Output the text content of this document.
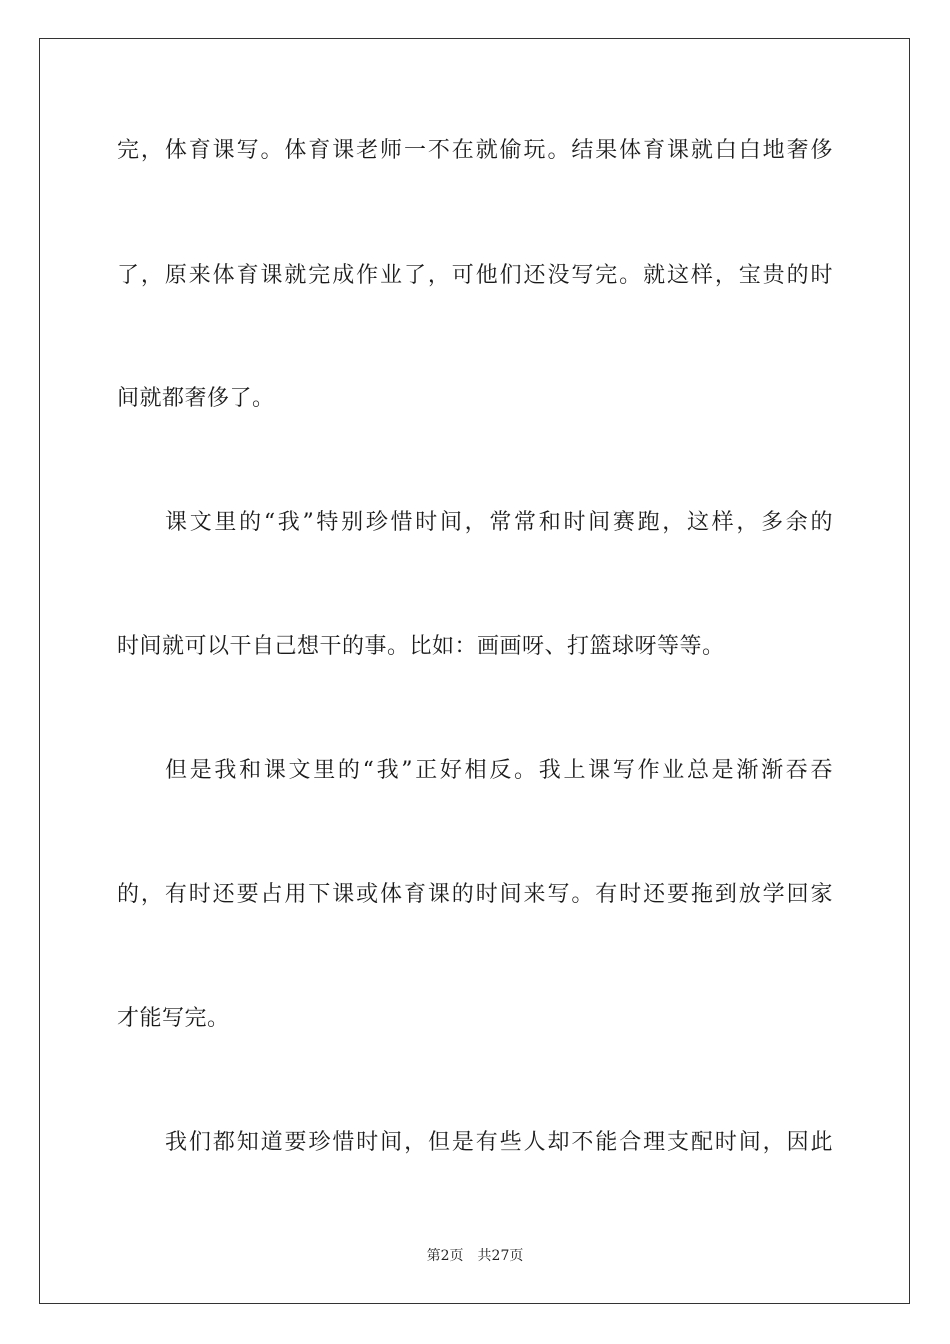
完，体育课写。体育课老师一不在就偷玩。结果体育课就白白地奢侈
了，原来体育课就完成作业了，可他们还没写完。就这样，宝贵的时
间就都奢侈了。
课文里的“我”特别珍惜时间，常常和时间赛跑，这样，多余的
时间就可以干自己想干的事。比如：画画呀、打篮球呀等等。
但是我和课文里的“我”正好相反。我上课写作业总是渐渐吞吞
的，有时还要占用下课或体育课的时间来写。有时还要拖到放学回家
才能写完。
我们都知道要珍惜时间，但是有些人却不能合理支配时间，因此
第2页 共27页
